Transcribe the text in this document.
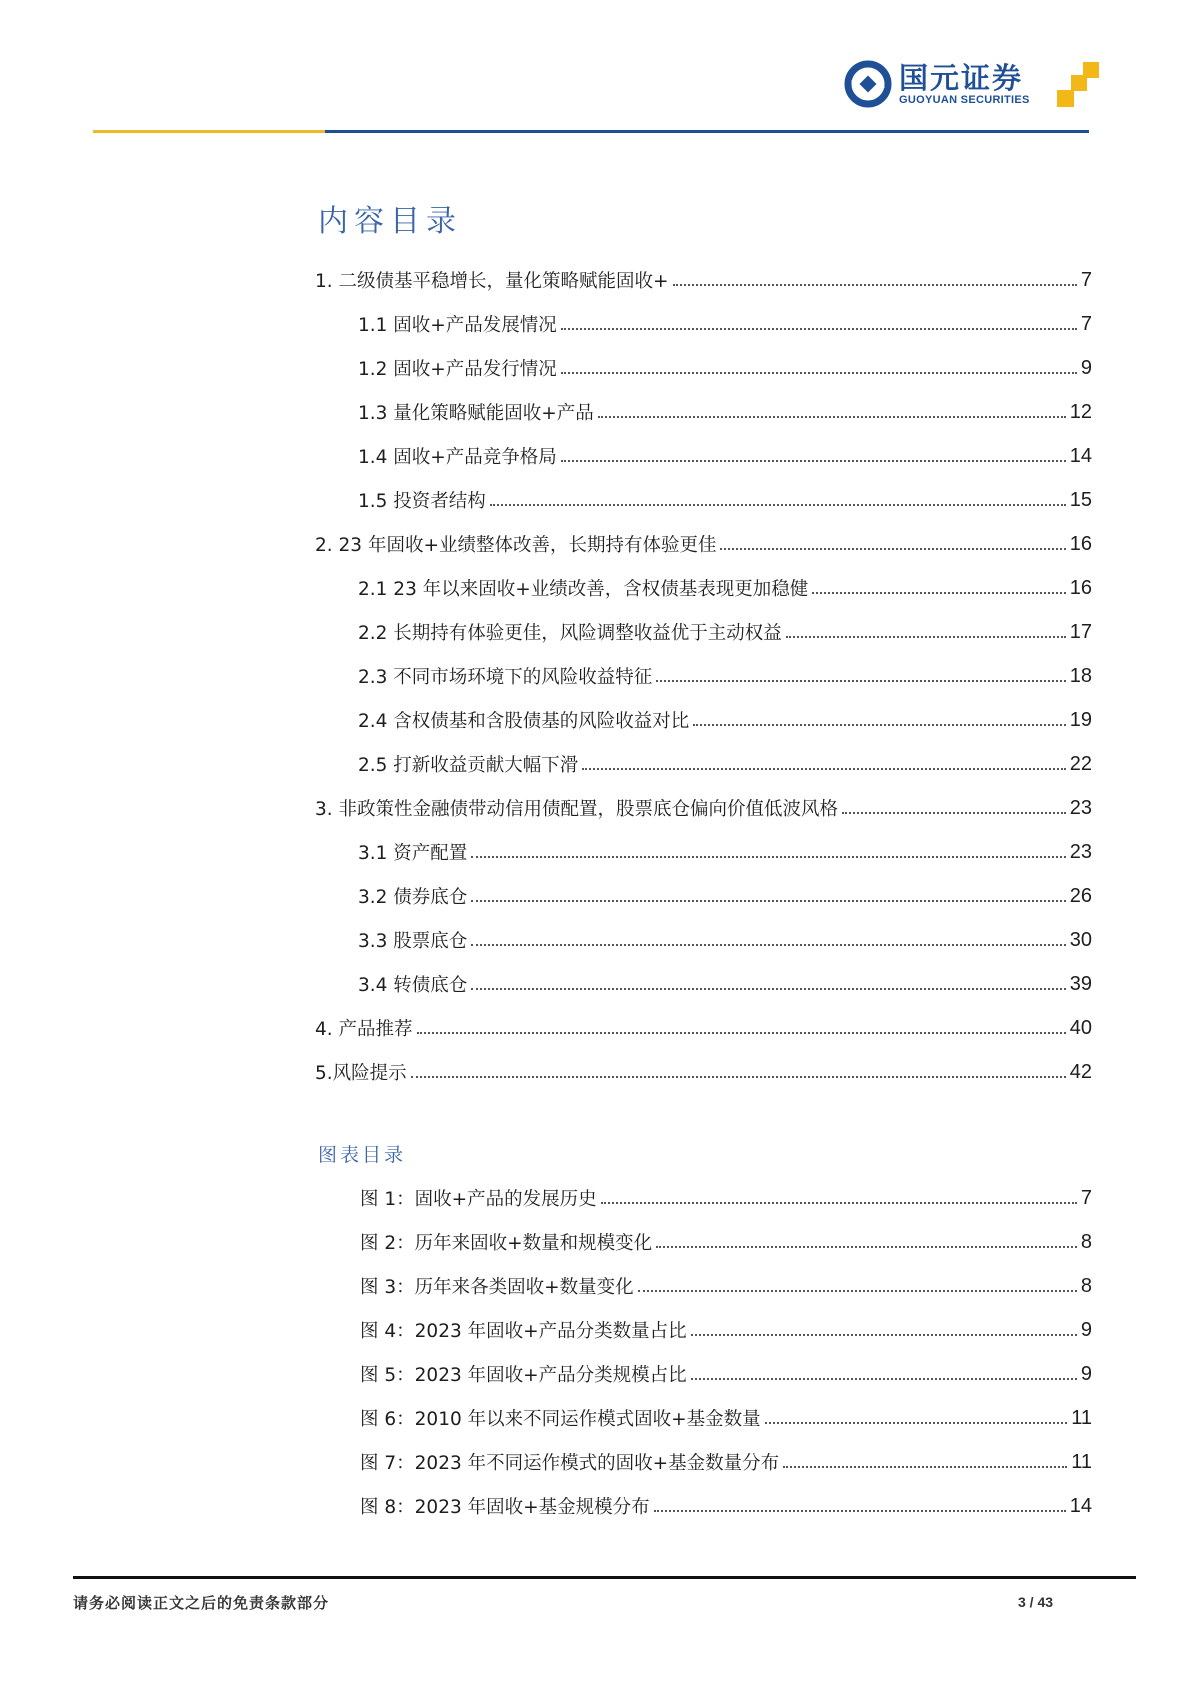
国元证券
GUOYUAN SECURITIES
内容目录
1. 二级债基平稳增长，量化策略赋能固收+	7
1.1 固收+产品发展情况	7
1.2 固收+产品发行情况	9
1.3 量化策略赋能固收+产品	12
1.4 固收+产品竞争格局	14
1.5 投资者结构	15
2. 23 年固收+业绩整体改善，长期持有体验更佳	16
2.1 23 年以来固收+业绩改善，含权债基表现更加稳健	16
2.2 长期持有体验更佳，风险调整收益优于主动权益	17
2.3 不同市场环境下的风险收益特征	18
2.4 含权债基和含股债基的风险收益对比	19
2.5 打新收益贡献大幅下滑	22
3. 非政策性金融债带动信用债配置，股票底仓偏向价值低波风格	23
3.1 资产配置	23
3.2 债券底仓	26
3.3 股票底仓	30
3.4 转债底仓	39
4. 产品推荐	40
5.风险提示	42
图表目录
图 1：固收+产品的发展历史	7
图 2：历年来固收+数量和规模变化	8
图 3：历年来各类固收+数量变化	8
图 4：2023 年固收+产品分类数量占比	9
图 5：2023 年固收+产品分类规模占比	9
图 6：2010 年以来不同运作模式固收+基金数量	11
图 7：2023 年不同运作模式的固收+基金数量分布	11
图 8：2023 年固收+基金规模分布	14
请务必阅读正文之后的免责条款部分	3 / 43
